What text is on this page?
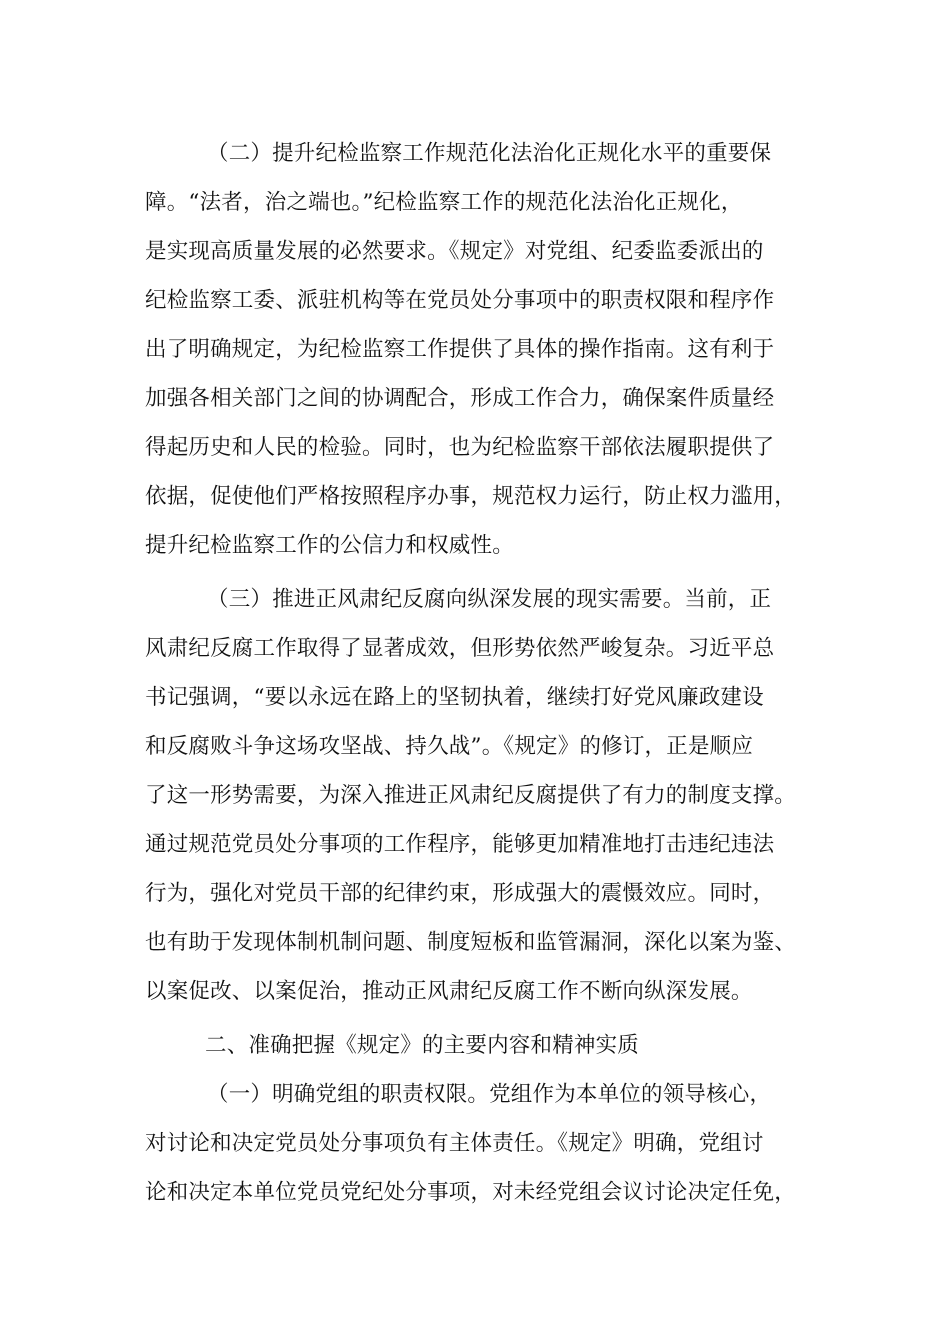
（二）提升纪检监察工作规范化法治化正规化水平的重要保
障。“法者，治之端也。”纪检监察工作的规范化法治化正规化，
是实现高质量发展的必然要求。《规定》对党组、纪委监委派出的
纪检监察工委、派驻机构等在党员处分事项中的职责权限和程序作
出了明确规定，为纪检监察工作提供了具体的操作指南。这有利于
加强各相关部门之间的协调配合，形成工作合力，确保案件质量经
得起历史和人民的检验。同时，也为纪检监察干部依法履职提供了
依据，促使他们严格按照程序办事，规范权力运行，防止权力滥用，
提升纪检监察工作的公信力和权威性。
（三）推进正风肃纪反腐向纵深发展的现实需要。当前，正
风肃纪反腐工作取得了显著成效，但形势依然严峻复杂。习近平总
书记强调，“要以永远在路上的坚韧执着，继续打好党风廉政建设
和反腐败斗争这场攻坚战、持久战”。《规定》的修订，正是顺应
了这一形势需要，为深入推进正风肃纪反腐提供了有力的制度支撑。
通过规范党员处分事项的工作程序，能够更加精准地打击违纪违法
行为，强化对党员干部的纪律约束，形成强大的震慑效应。同时，
也有助于发现体制机制问题、制度短板和监管漏洞，深化以案为鉴、
以案促改、以案促治，推动正风肃纪反腐工作不断向纵深发展。
二、准确把握《规定》的主要内容和精神实质
（一）明确党组的职责权限。党组作为本单位的领导核心，
对讨论和决定党员处分事项负有主体责任。《规定》明确，党组讨
论和决定本单位党员党纪处分事项，对未经党组会议讨论决定任免，
